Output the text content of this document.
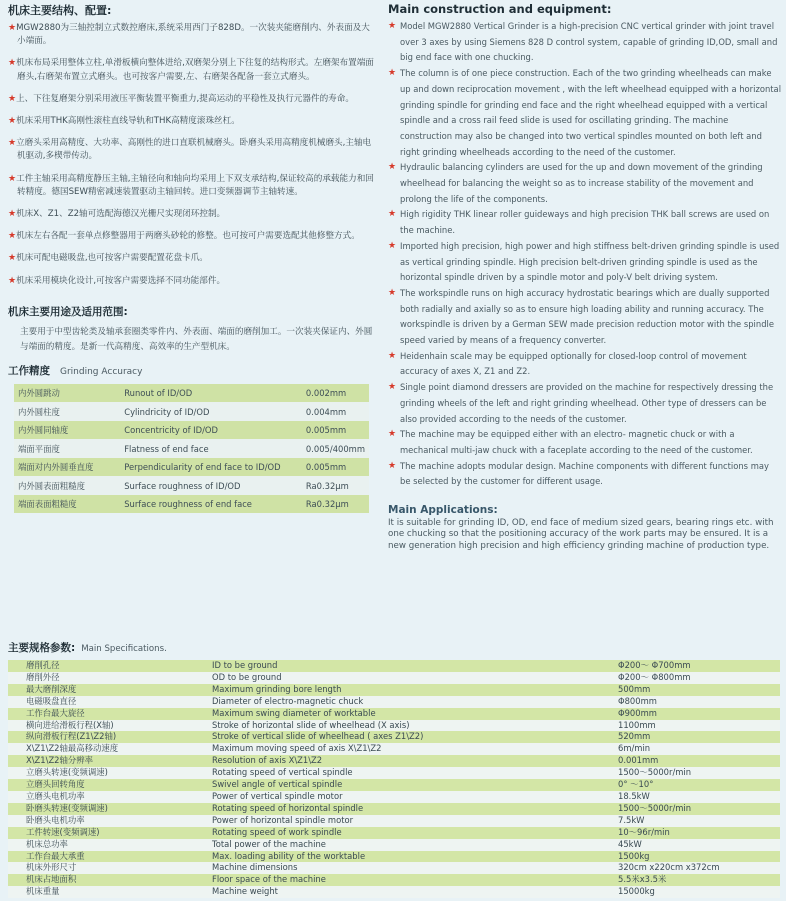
机床主要结构、配置:

★MGW2880为三轴控制立式数控磨床,系统采用西门子828D。一次装夹能磨削内、外表面及大小端面。

★机床布局采用整体立柱,单滑板横向整体进给,双磨架分别上下往复的结构形式。左磨架布置端面磨头,右磨架布置立式磨头。也可按客户需要,左、右磨架各配备一套立式磨头。

★上、下往复磨架分别采用液压平衡装置平衡重力,提高运动的平稳性及执行元器件的寿命。

★机床采用THK高刚性滚柱直线导轨和THK高精度滚珠丝杠。

★立磨头采用高精度、大功率、高刚性的进口直联机械磨头。卧磨头采用高精度机械磨头,主轴电机驱动,多楔带传动。

★工件主轴采用高精度静压主轴,主轴径向和轴向均采用上下双支承结构,保证较高的承载能力和回转精度。德国SEW精密减速装置驱动主轴回转。进口变频器调节主轴转速。

★机床X、Z1、Z2轴可选配海德汉光栅尺实现闭环控制。

★机床左右各配一套单点修整器用于两磨头砂轮的修整。也可按可户需要选配其他修整方式。

★机床可配电磁吸盘,也可按客户需要配置花盘卡爪。

★机床采用模块化设计,可按客户需要选择不同功能部件。

机床主要用途及适用范围:

主要用于中型齿轮类及轴承套圈类零件内、外表面、端面的磨削加工。一次装夹保证内、外圆与端面的精度。是新一代高精度、高效率的生产型机床。

工作精度 Grinding Accuracy
内外圆跳动	Runout of ID/OD	0.002mm
内外圆柱度	Cylindricity of ID/OD	0.004mm
内外圆同轴度	Concentricity of ID/OD	0.005mm
端面平面度	Flatness of end face	0.005/400mm
端面对内外圆垂直度	Perpendicularity of end face to ID/OD	0.005mm
内外圆表面粗糙度	Surface roughness of ID/OD	Ra0.32μm
端面表面粗糙度	Surface roughness of end face	Ra0.32μm
Main construction and equipment:

★ Model MGW2880 Vertical Grinder is a high-precision CNC vertical grinder with joint travel over 3 axes by using Siemens 828 D control system, capable of grinding ID,OD, small and big end face with one chucking.

★ The column is of one piece construction. Each of the two grinding wheelheads can make up and down reciprocation movement , with the left wheelhead equipped with a horizontal grinding spindle for grinding end face and the right wheelhead equipped with a vertical spindle and a cross rail feed slide is used for oscillating grinding. The machine construction may also be changed into two vertical spindles mounted on both left and right grinding wheelheads according to the need of the customer.

★ Hydraulic balancing cylinders are used for the up and down movement of the grinding wheelhead for balancing the weight so as to increase stability of the movement and prolong the life of the components.

★ High rigidity THK linear roller guideways and high precision THK ball screws are used on the machine.

★ Imported high precision, high power and high stiffness belt-driven grinding spindle is used as vertical grinding spindle. High precision belt-driven grinding spindle is used as the horizontal spindle driven by a spindle motor and poly-V belt driving system.

★ The workspindle runs on high accuracy hydrostatic bearings which are dually supported both radially and axially so as to ensure high loading ability and running accuracy. The workspindle is driven by a German SEW made precision reduction motor with the spindle speed varied by means of a frequency converter.

★ Heidenhain scale may be equipped optionally for closed-loop control of movement accuracy of axes X, Z1 and Z2.

★ Single point diamond dressers are provided on the machine for respectively dressing the grinding wheels of the left and right grinding wheelhead. Other type of dressers can be also provided according to the needs of the customer.

★ The machine may be equipped either with an electro- magnetic chuck or with a mechanical multi-jaw chuck with a faceplate according to the need of the customer.

★ The machine adopts modular design. Machine components with different functions may be selected by the customer for different usage.

Main Applications:

It is suitable for grinding ID, OD, end face of medium sized gears, bearing rings etc. with one chucking so that the positioning accuracy of the work parts may be ensured. It is a new generation high precision and high efficiency grinding machine of production type.

主要规格参数: Main Specifications.
磨削孔径	ID to be ground	Φ200～ Φ700mm
磨削外径	OD to be ground	Φ200～ Φ800mm
最大磨削深度	Maximum grinding bore length	500mm
电磁吸盘直径	Diameter of electro-magnetic chuck	Φ800mm
工作台最大旋径	Maximum swing diameter of worktable	Φ900mm
横向进给滑板行程(X轴)	Stroke of horizontal slide of wheelhead (X axis)	1100mm
纵向滑板行程(Z1\Z2轴)	Stroke of vertical slide of wheelhead ( axes Z1\Z2)	520mm
X\Z1\Z2轴最高移动速度	Maximum moving speed of axis X\Z1\Z2	6m/min
X\Z1\Z2轴分辨率	Resolution of axis X\Z1\Z2	0.001mm
立磨头转速(变频调速)	Rotating speed of vertical spindle	1500～5000r/min
立磨头回转角度	Swivel angle of vertical spindle	0° ～10°
立磨头电机功率	Power of vertical spindle motor	18.5kW
卧磨头转速(变频调速)	Rotating speed of horizontal spindle	1500～5000r/min
卧磨头电机功率	Power of horizontal spindle motor	7.5kW
工件转速(变频调速)	Rotating speed of work spindle	10～96r/min
机床总功率	Total power of the machine	45kW
工作台最大承重	Max. loading ability of the worktable	1500kg
机床外形尺寸	Machine dimensions	320cm x220cm x372cm
机床占地面积	Floor space of the machine	5.5米x3.5米
机床重量	Machine weight	15000kg
